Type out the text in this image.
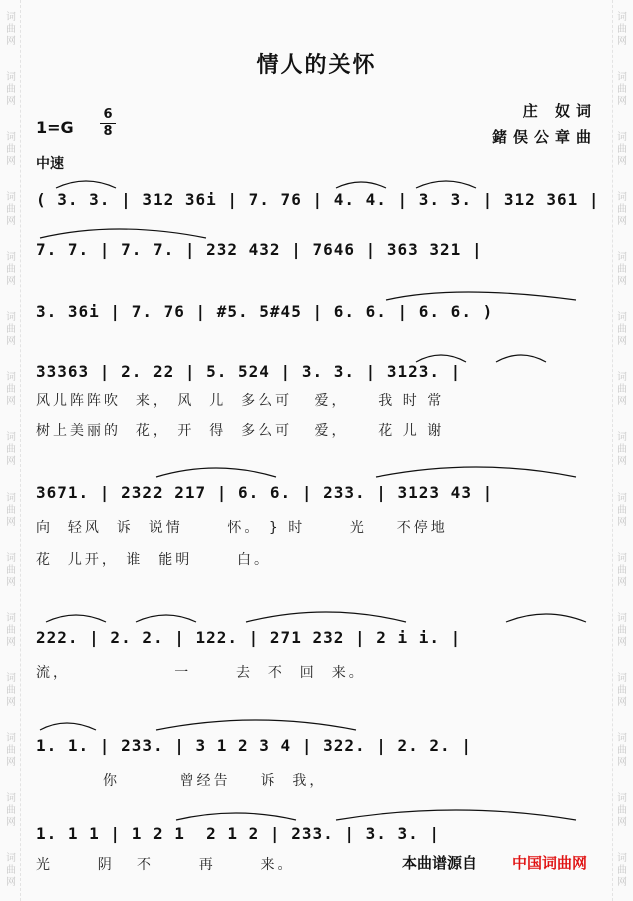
词
曲
网
词
曲
网
词
曲
网
词
曲
网
词
曲
网
词
曲
网
词
曲
网
词
曲
网
词
曲
网
词
曲
网
词
曲
网
词
曲
网
词
曲
网
词
曲
网
词
曲
网
词
曲
网
词
曲
网
词
曲
网
词
曲
网
词
曲
网
词
曲
网
词
曲
网
词
曲
网
词
曲
网
词
曲
网
词
曲
网
词
曲
网
词
曲
网
词
曲
网
词
曲
网
情人的关怀
1=G
6
8
庄 奴词
鍺俣公章曲
中速
( 3. 3. | 312 36i | 7. 76 | 4. 4. | 3. 3. | 312 361 |
7. 7. | 7. 7. | 232 432 | 7646 | 363 321 |
3. 36i | 7. 76 | #5. 5#45 | 6. 6. | 6. 6. )
33363 | 2. 22 | 5. 524 | 3. 3. | 3123. |
风儿阵阵吹  来， 风  儿  多么可   爱，    我 时 常
树上美丽的  花， 开  得  多么可   爱，    花 儿 谢
3671. | 2322 217 | 6. 6. | 233. | 3123 43 |
向  轻风  诉  说情      怀。 } 时      光    不停地
花  儿开， 谁  能明      白。
222. | 2. 2. | 122. | 271 232 | 2 i i. |
流，              一      去  不  回  来。
1. 1. | 233. | 3 1 2 3 4 | 322. | 2. 2. |
你        曾经告    诉  我，
1. 1 1 | 1 2 1  2 1 2 | 233. | 3. 3. |
光      阴   不      再      来。	本曲谱源自 中国词曲网
